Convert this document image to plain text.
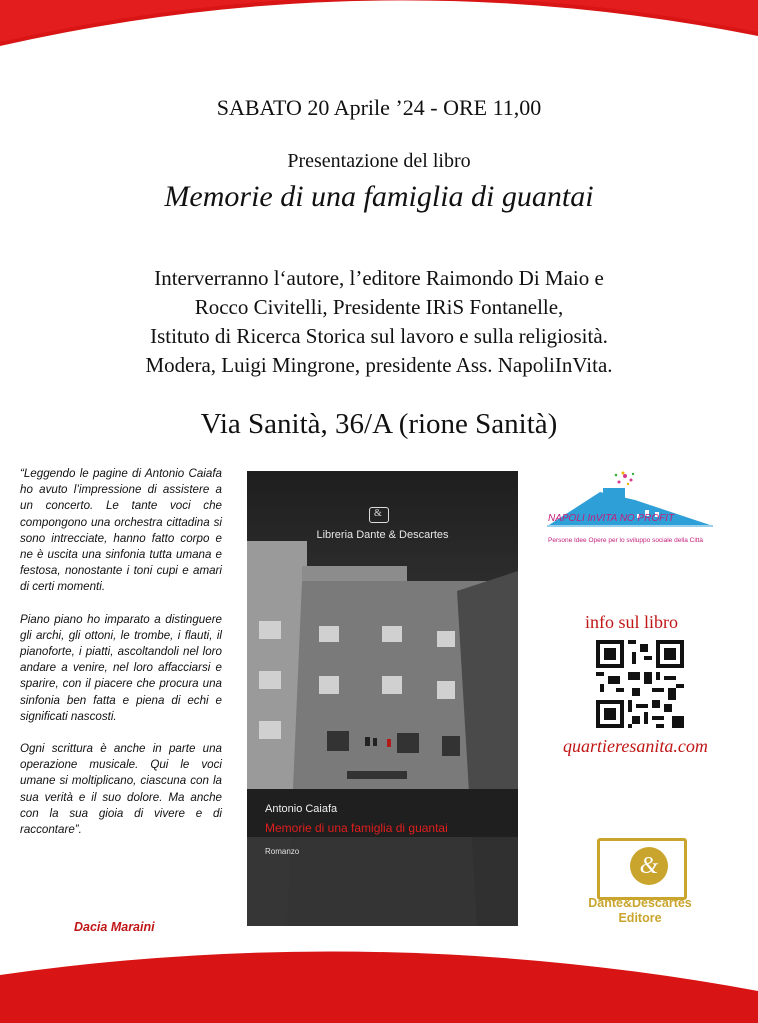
SABATO 20 Aprile ’24 - ORE 11,00
Presentazione del libro
Memorie di una famiglia di guantai
Interverranno l‘autore, l’editore Raimondo Di Maio e
Rocco Civitelli, Presidente IRiS Fontanelle,
Istituto di Ricerca Storica sul lavoro e sulla religiosità.
Modera, Luigi Mingrone, presidente Ass. NapoliInVita.
Via Sanità, 36/A (rione Sanità)

“Leggendo le pagine di Antonio Caiafa ho avuto l’impressione di assistere a un concerto. Le tante voci che compongono una orchestra cittadina si sono intrecciate, hanno fatto corpo e ne è uscita una sinfonia tutta umana e festosa, nonostante i toni cupi e amari di certi momenti.

Piano piano ho imparato a distinguere gli archi, gli ottoni, le trombe, i flauti, il pianoforte, i piatti, ascoltandoli nel loro andare a venire, nel loro affacciarsi e sparire, con il piacere che procura una sinfonia ben fatta e piena di echi e significati nascosti.

Ogni scrittura è anche in parte una operazione musicale. Qui le voci umane si moltiplicano, ciascuna con la sua verità e il suo dolore. Ma anche con la sua gioia di vivere e di raccontare”.

Dacia Maraini
&
Libreria Dante & Descartes
Antonio Caiafa
Memorie di una famiglia di guantai
Romanzo
NAPOLI InVITA NO PROFIT
Persone Idee Opere per lo sviluppo sociale della Città
info sul libro
quartieresanita.com
&
Dante&Descartes
Editore
